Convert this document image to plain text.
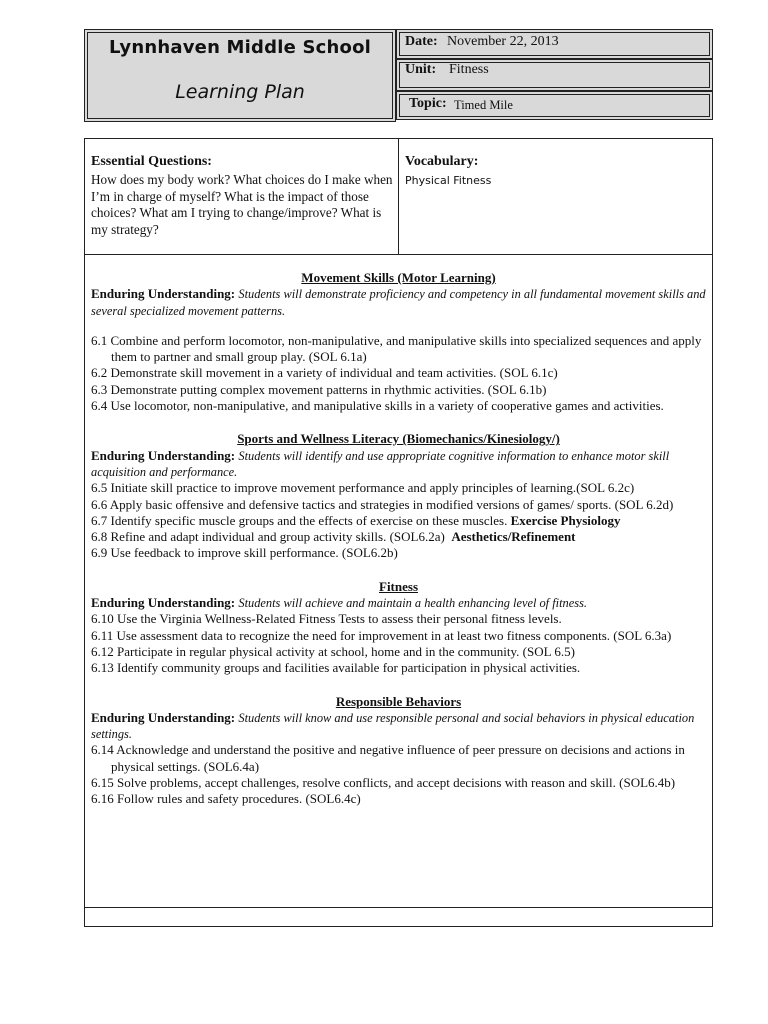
Lynnhaven Middle School
Learning Plan
Date: November 22, 2013
Unit: Fitness
Topic: Timed Mile
Essential Questions:
How does my body work? What choices do I make when I’m in charge of myself? What is the impact of those choices? What am I trying to change/improve? What is my strategy?
Vocabulary:
Physical Fitness

Movement Skills (Motor Learning)

Enduring Understanding: Students will demonstrate proficiency and competency in all fundamental movement skills and several specialized movement patterns.

6.1 Combine and perform locomotor, non-manipulative, and manipulative skills into specialized sequences and apply them to partner and small group play. (SOL 6.1a)

6.2 Demonstrate skill movement in a variety of individual and team activities. (SOL 6.1c)

6.3 Demonstrate putting complex movement patterns in rhythmic activities. (SOL 6.1b)

6.4 Use locomotor, non-manipulative, and manipulative skills in a variety of cooperative games and activities.

Sports and Wellness Literacy (Biomechanics/Kinesiology/)

Enduring Understanding: Students will identify and use appropriate cognitive information to enhance motor skill acquisition and performance.

6.5 Initiate skill practice to improve movement performance and apply principles of learning.(SOL 6.2c)

6.6 Apply basic offensive and defensive tactics and strategies in modified versions of games/ sports. (SOL 6.2d)

6.7 Identify specific muscle groups and the effects of exercise on these muscles. Exercise Physiology

6.8 Refine and adapt individual and group activity skills. (SOL6.2a) Aesthetics/Refinement

6.9 Use feedback to improve skill performance. (SOL6.2b)

Fitness

Enduring Understanding: Students will achieve and maintain a health enhancing level of fitness.

6.10 Use the Virginia Wellness-Related Fitness Tests to assess their personal fitness levels.

6.11 Use assessment data to recognize the need for improvement in at least two fitness components. (SOL 6.3a)

6.12 Participate in regular physical activity at school, home and in the community. (SOL 6.5)

6.13 Identify community groups and facilities available for participation in physical activities.

Responsible Behaviors

Enduring Understanding: Students will know and use responsible personal and social behaviors in physical education settings.

6.14 Acknowledge and understand the positive and negative influence of peer pressure on decisions and actions in physical settings. (SOL6.4a)

6.15 Solve problems, accept challenges, resolve conflicts, and accept decisions with reason and skill. (SOL6.4b)

6.16 Follow rules and safety procedures. (SOL6.4c)
